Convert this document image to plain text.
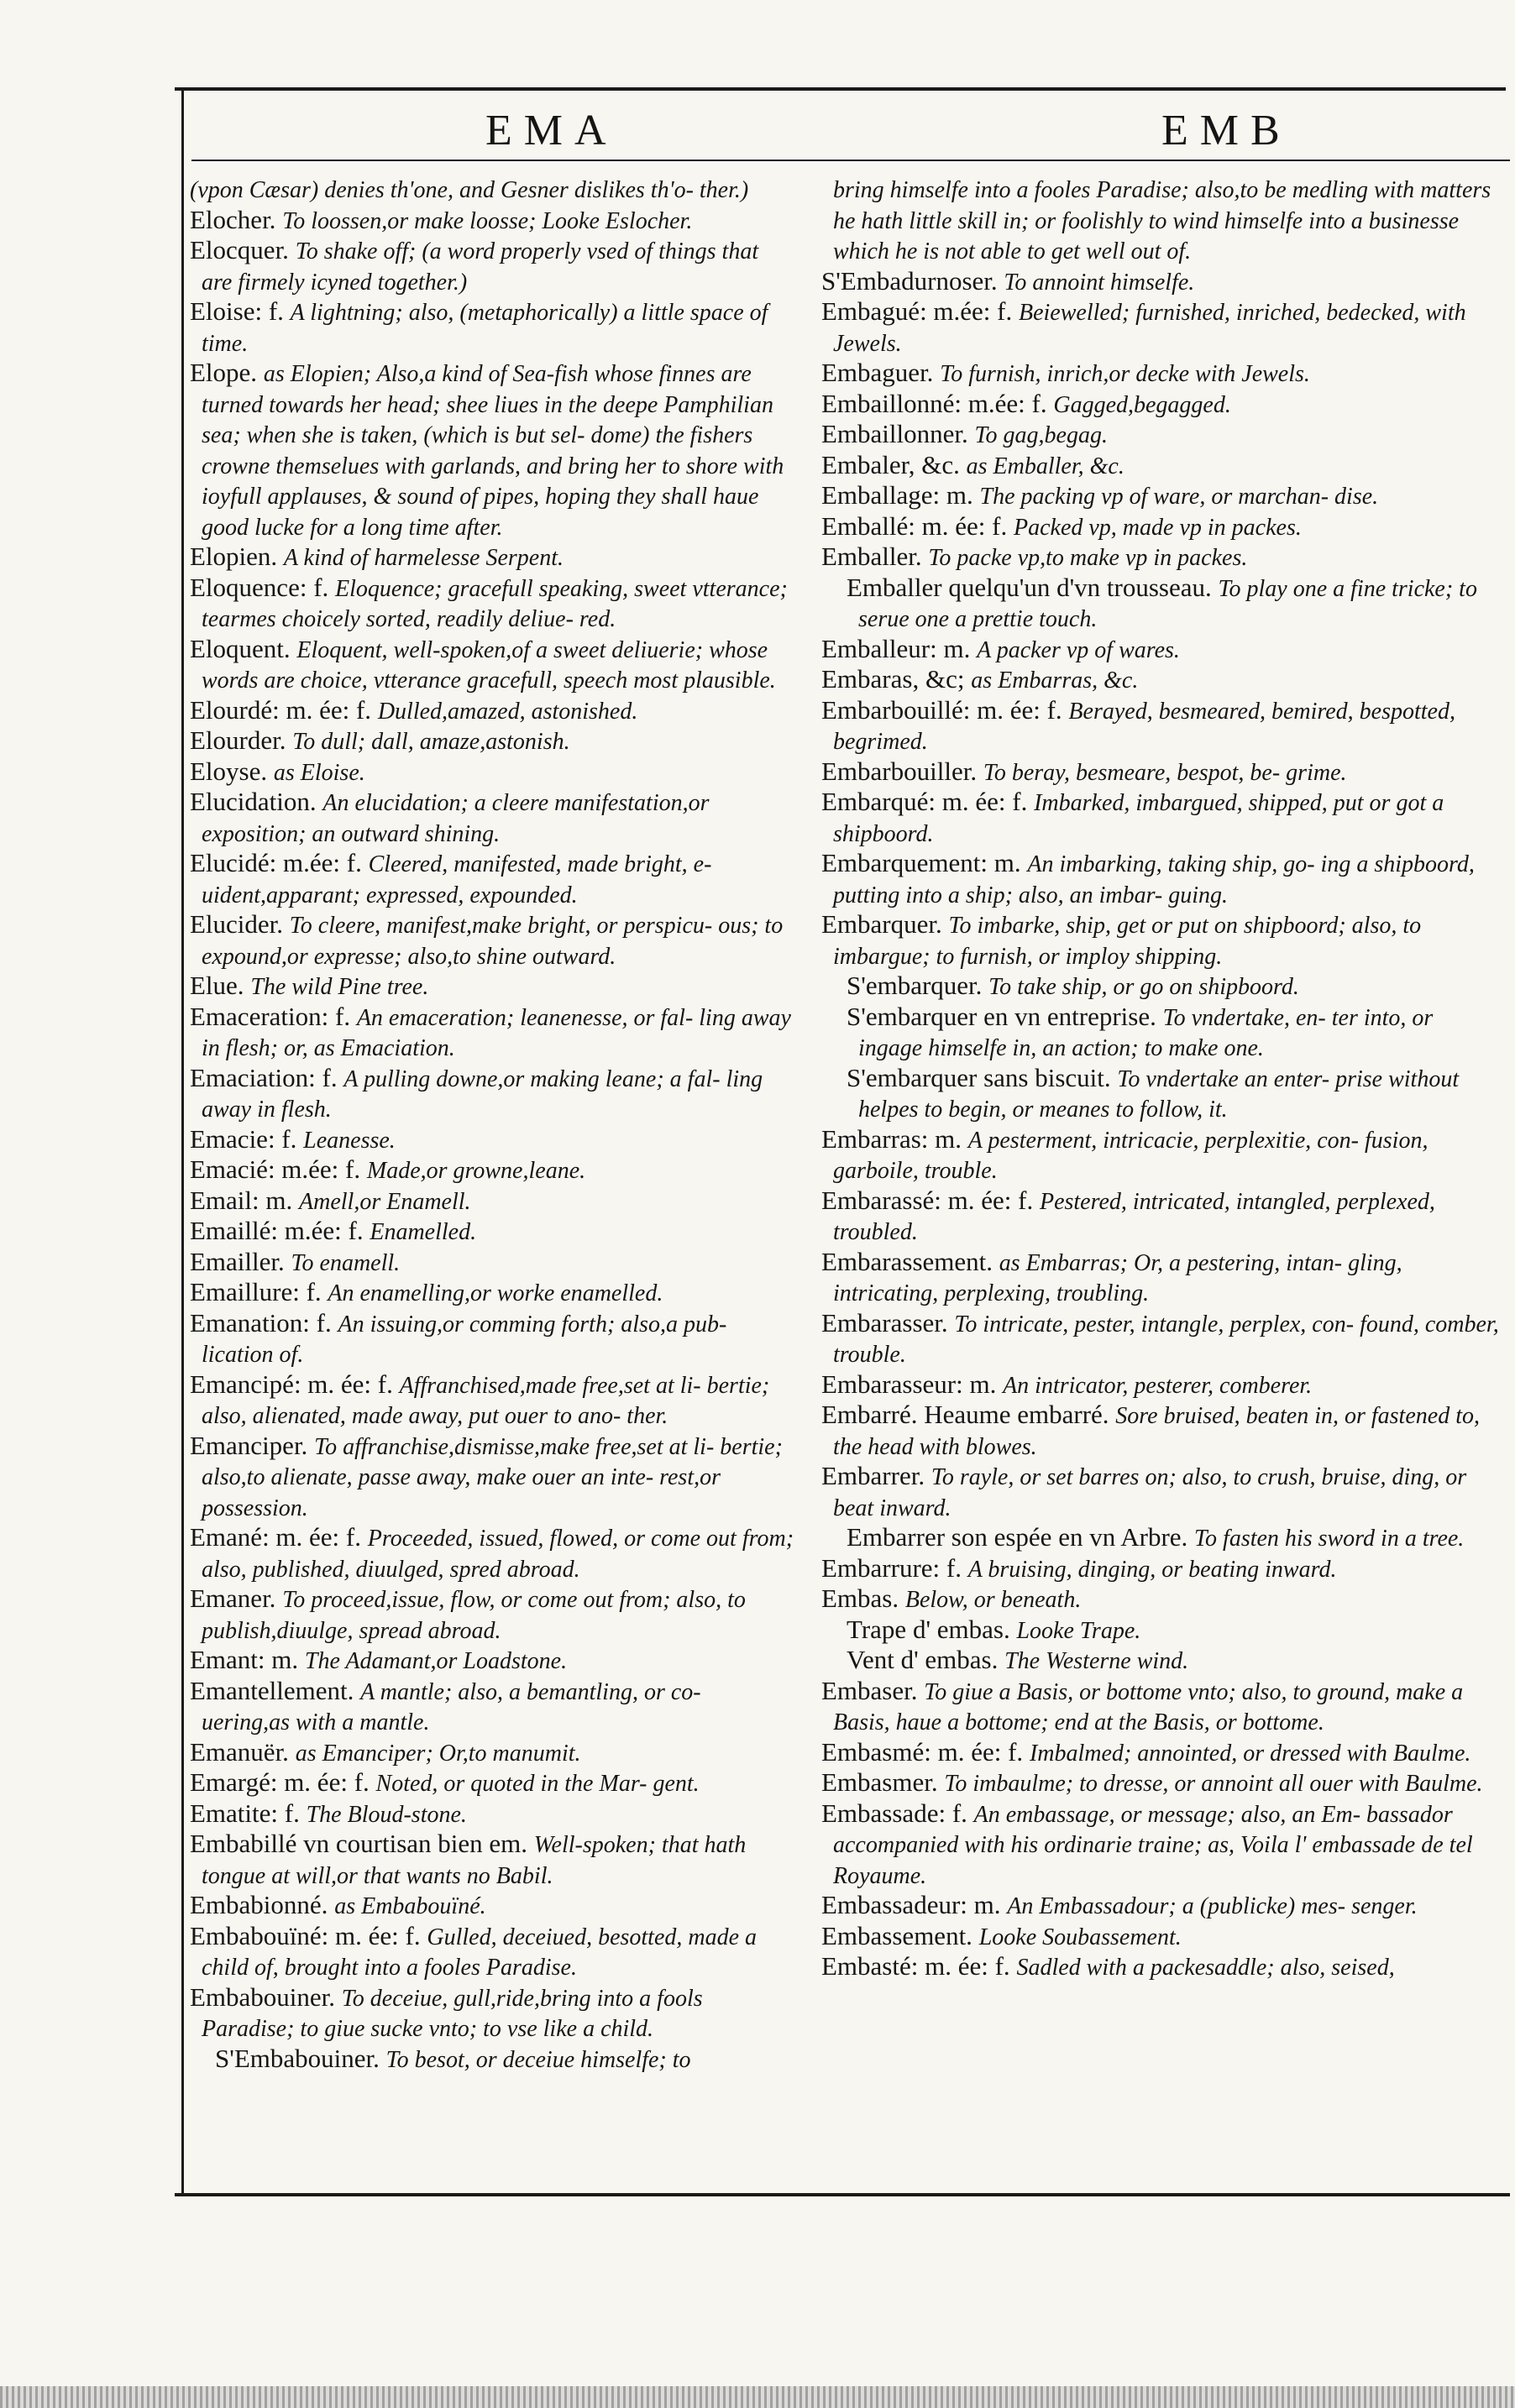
EMA	EMB

(vpon Cæsar) denies th'one, and Gesner dislikes th'o- ther.)

Elocher. To loossen,or make loosse; Looke Eslocher.

Elocquer. To shake off; (a word properly vsed of things that are firmely icyned together.)

Eloise: f. A lightning; also, (metaphorically) a little space of time.

Elope. as Elopien; Also,a kind of Sea-fish whose finnes are turned towards her head; shee liues in the deepe Pamphilian sea; when she is taken, (which is but sel- dome) the fishers crowne themselues with garlands, and bring her to shore with ioyfull applauses, & sound of pipes, hoping they shall haue good lucke for a long time after.

Elopien. A kind of harmelesse Serpent.

Eloquence: f. Eloquence; gracefull speaking, sweet vtterance; tearmes choicely sorted, readily deliue- red.

Eloquent. Eloquent, well-spoken,of a sweet deliuerie; whose words are choice, vtterance gracefull, speech most plausible.

Elourdé: m. ée: f. Dulled,amazed, astonished.

Elourder. To dull; dall, amaze,astonish.

Eloyse. as Eloise.

Elucidation. An elucidation; a cleere manifestation,or exposition; an outward shining.

Elucidé: m.ée: f. Cleered, manifested, made bright, e- uident,apparant; expressed, expounded.

Elucider. To cleere, manifest,make bright, or perspicu- ous; to expound,or expresse; also,to shine outward.

Elue. The wild Pine tree.

Emaceration: f. An emaceration; leanenesse, or fal- ling away in flesh; or, as Emaciation.

Emaciation: f. A pulling downe,or making leane; a fal- ling away in flesh.

Emacie: f. Leanesse.

Emacié: m.ée: f. Made,or growne,leane.

Email: m. Amell,or Enamell.

Emaillé: m.ée: f. Enamelled.

Emailler. To enamell.

Emaillure: f. An enamelling,or worke enamelled.

Emanation: f. An issuing,or comming forth; also,a pub- lication of.

Emancipé: m. ée: f. Affranchised,made free,set at li- bertie; also, alienated, made away, put ouer to ano- ther.

Emanciper. To affranchise,dismisse,make free,set at li- bertie; also,to alienate, passe away, make ouer an inte- rest,or possession.

Emané: m. ée: f. Proceeded, issued, flowed, or come out from; also, published, diuulged, spred abroad.

Emaner. To proceed,issue, flow, or come out from; also, to publish,diuulge, spread abroad.

Emant: m. The Adamant,or Loadstone.

Emantellement. A mantle; also, a bemantling, or co- uering,as with a mantle.

Emanuër. as Emanciper; Or,to manumit.

Emargé: m. ée: f. Noted, or quoted in the Mar- gent.

Ematite: f. The Bloud-stone.

Embabillé vn courtisan bien em. Well-spoken; that hath tongue at will,or that wants no Babil.

Embabionné. as Embabouïné.

Embabouïné: m. ée: f. Gulled, deceiued, besotted, made a child of, brought into a fooles Paradise.

Embabouiner. To deceiue, gull,ride,bring into a fools Paradise; to giue sucke vnto; to vse like a child.

S'Embabouiner. To besot, or deceiue himselfe; to

bring himselfe into a fooles Paradise; also,to be medling with matters he hath little skill in; or foolishly to wind himselfe into a businesse which he is not able to get well out of.

S'Embadurnoser. To annoint himselfe.

Embagué: m.ée: f. Beiewelled; furnished, inriched, bedecked, with Jewels.

Embaguer. To furnish, inrich,or decke with Jewels.

Embaillonné: m.ée: f. Gagged,begagged.

Embaillonner. To gag,begag.

Embaler, &c. as Emballer, &c.

Emballage: m. The packing vp of ware, or marchan- dise.

Emballé: m. ée: f. Packed vp, made vp in packes.

Emballer. To packe vp,to make vp in packes.

Emballer quelqu'un d'vn trousseau. To play one a fine tricke; to serue one a prettie touch.

Emballeur: m. A packer vp of wares.

Embaras, &c; as Embarras, &c.

Embarbouillé: m. ée: f. Berayed, besmeared, bemired, bespotted, begrimed.

Embarbouiller. To beray, besmeare, bespot, be- grime.

Embarqué: m. ée: f. Imbarked, imbargued, shipped, put or got a shipboord.

Embarquement: m. An imbarking, taking ship, go- ing a shipboord, putting into a ship; also, an imbar- guing.

Embarquer. To imbarke, ship, get or put on shipboord; also, to imbargue; to furnish, or imploy shipping.

S'embarquer. To take ship, or go on shipboord.

S'embarquer en vn entreprise. To vndertake, en- ter into, or ingage himselfe in, an action; to make one.

S'embarquer sans biscuit. To vndertake an enter- prise without helpes to begin, or meanes to follow, it.

Embarras: m. A pesterment, intricacie, perplexitie, con- fusion, garboile, trouble.

Embarassé: m. ée: f. Pestered, intricated, intangled, perplexed, troubled.

Embarassement. as Embarras; Or, a pestering, intan- gling, intricating, perplexing, troubling.

Embarasser. To intricate, pester, intangle, perplex, con- found, comber, trouble.

Embarasseur: m. An intricator, pesterer, comberer.

Embarré. Heaume embarré. Sore bruised, beaten in, or fastened to, the head with blowes.

Embarrer. To rayle, or set barres on; also, to crush, bruise, ding, or beat inward.

Embarrer son espée en vn Arbre. To fasten his sword in a tree.

Embarrure: f. A bruising, dinging, or beating inward.

Embas. Below, or beneath.

Trape d' embas. Looke Trape.

Vent d' embas. The Westerne wind.

Embaser. To giue a Basis, or bottome vnto; also, to ground, make a Basis, haue a bottome; end at the Basis, or bottome.

Embasmé: m. ée: f. Imbalmed; annointed, or dressed with Baulme.

Embasmer. To imbaulme; to dresse, or annoint all ouer with Baulme.

Embassade: f. An embassage, or message; also, an Em- bassador accompanied with his ordinarie traine; as, Voila l' embassade de tel Royaume.

Embassadeur: m. An Embassadour; a (publicke) mes- senger.

Embassement. Looke Soubassement.

Embasté: m. ée: f. Sadled with a packesaddle; also, seised,
